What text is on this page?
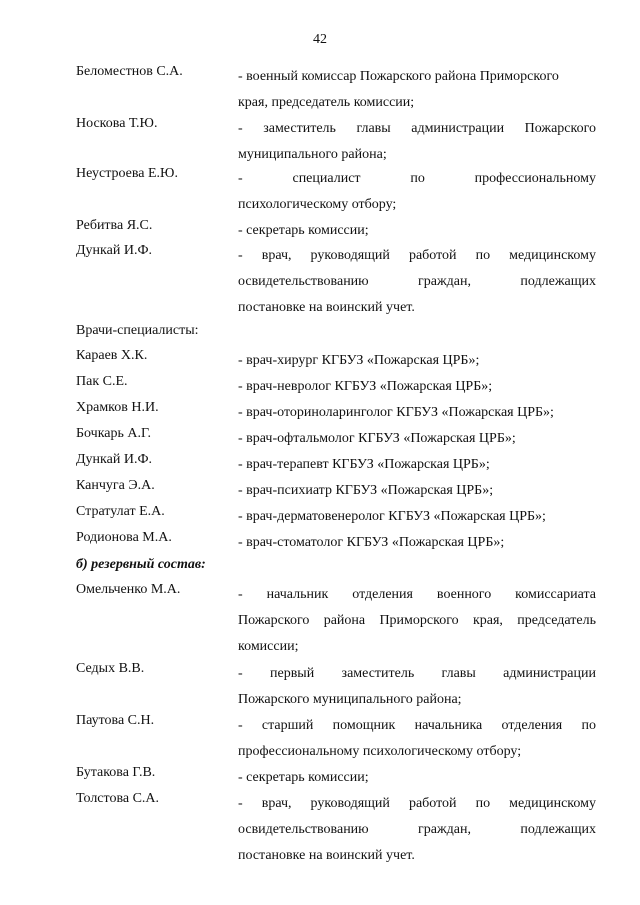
42
Беломестнов С.А.	- военный комиссар Пожарского района Приморского
края, председатель комиссии;
Носкова Т.Ю.	- заместитель главы администрации Пожарского
муниципального района;
Неустроева Е.Ю.	- специалист по профессиональному
психологическому отбору;
Ребитва Я.С.	- секретарь комиссии;
Дункай И.Ф.	- врач, руководящий работой по медицинскому
освидетельствованию граждан, подлежащих
постановке на воинский учет.
Врачи-специалисты:
Караев Х.К.	- врач-хирург КГБУЗ «Пожарская ЦРБ»;
Пак С.Е.	- врач-невролог КГБУЗ «Пожарская ЦРБ»;
Храмков Н.И.	- врач-оториноларинголог КГБУЗ «Пожарская ЦРБ»;
Бочкарь А.Г.	- врач-офтальмолог КГБУЗ «Пожарская ЦРБ»;
Дункай И.Ф.	- врач-терапевт КГБУЗ «Пожарская ЦРБ»;
Канчуга Э.А.	- врач-психиатр КГБУЗ «Пожарская ЦРБ»;
Стратулат Е.А.	- врач-дерматовенеролог КГБУЗ «Пожарская ЦРБ»;
Родионова М.А.	- врач-стоматолог КГБУЗ «Пожарская ЦРБ»;
б) резервный состав:
Омельченко М.А.	- начальник отделения военного комиссариата
Пожарского района Приморского края, председатель
комиссии;
Седых В.В.	- первый заместитель главы администрации
Пожарского муниципального района;
Паутова С.Н.	- старший помощник начальника отделения по
профессиональному психологическому отбору;
Бутакова Г.В.	- секретарь комиссии;
Толстова С.А.	- врач, руководящий работой по медицинскому
освидетельствованию граждан, подлежащих
постановке на воинский учет.
